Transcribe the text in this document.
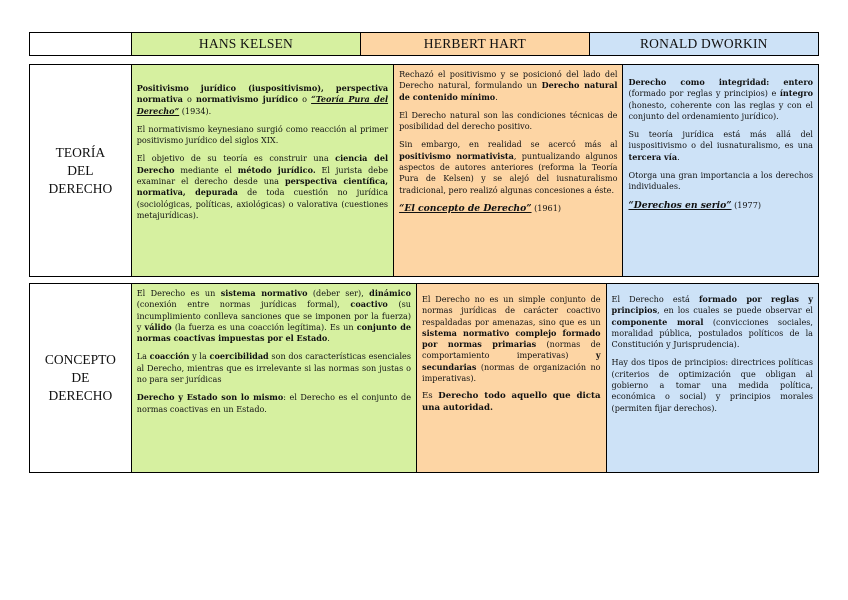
HANS KELSEN	HERBERT HART	RONALD DWORKIN
TEORÍA
DEL
DERECHO

Positivismo jurídico (iuspositivismo), perspectiva normativa o normativismo jurídico o “Teoría Pura del Derecho” (1934).

El normativismo keynesiano surgió como reacción al primer positivismo jurídico del siglos XIX.

El objetivo de su teoría es construir una ciencia del Derecho mediante el método jurídico. El jurista debe examinar el derecho desde una perspectiva científica, normativa, depurada de toda cuestión no jurídica (sociológicas, políticas, axiológicas) o valorativa (cuestiones metajurídicas).

Rechazó el positivismo y se posicionó del lado del Derecho natural, formulando un Derecho natural de contenido mínimo.

El Derecho natural son las condiciones técnicas de posibilidad del derecho positivo.

Sin embargo, en realidad se acercó más al positivismo normativista, puntualizando algunos aspectos de autores anteriores (reforma la Teoría Pura de Kelsen) y se alejó del iusnaturalismo tradicional, pero realizó algunas concesiones a éste.

“El concepto de Derecho” (1961)

Derecho como integridad: entero (formado por reglas y principios) e íntegro (honesto, coherente con las reglas y con el conjunto del ordenamiento jurídico).

Su teoría jurídica está más allá del iuspositivismo o del iusnaturalismo, es una tercera vía.

Otorga una gran importancia a los derechos individuales.

“Derechos en serio” (1977)

CONCEPTO
DE
DERECHO

El Derecho es un sistema normativo (deber ser), dinámico (conexión entre normas jurídicas formal), coactivo (su incumplimiento conlleva sanciones que se imponen por la fuerza) y válido (la fuerza es una coacción legítima). Es un conjunto de normas coactivas impuestas por el Estado.

La coacción y la coercibilidad son dos características esenciales al Derecho, mientras que es irrelevante si las normas son justas o no para ser jurídicas

Derecho y Estado son lo mismo: el Derecho es el conjunto de normas coactivas en un Estado.

El Derecho no es un simple conjunto de normas jurídicas de carácter coactivo respaldadas por amenazas, sino que es un sistema normativo complejo formado por normas primarias (normas de comportamiento imperativas) y secundarias (normas de organización no imperativas).

Es Derecho todo aquello que dicta una autoridad.

El Derecho está formado por reglas y principios, en los cuales se puede observar el componente moral (convicciones sociales, moralidad pública, postulados políticos de la Constitución y Jurisprudencia).

Hay dos tipos de principios: directrices políticas (criterios de optimización que obligan al gobierno a tomar una medida política, económica o social) y principios morales (permiten fijar derechos).
